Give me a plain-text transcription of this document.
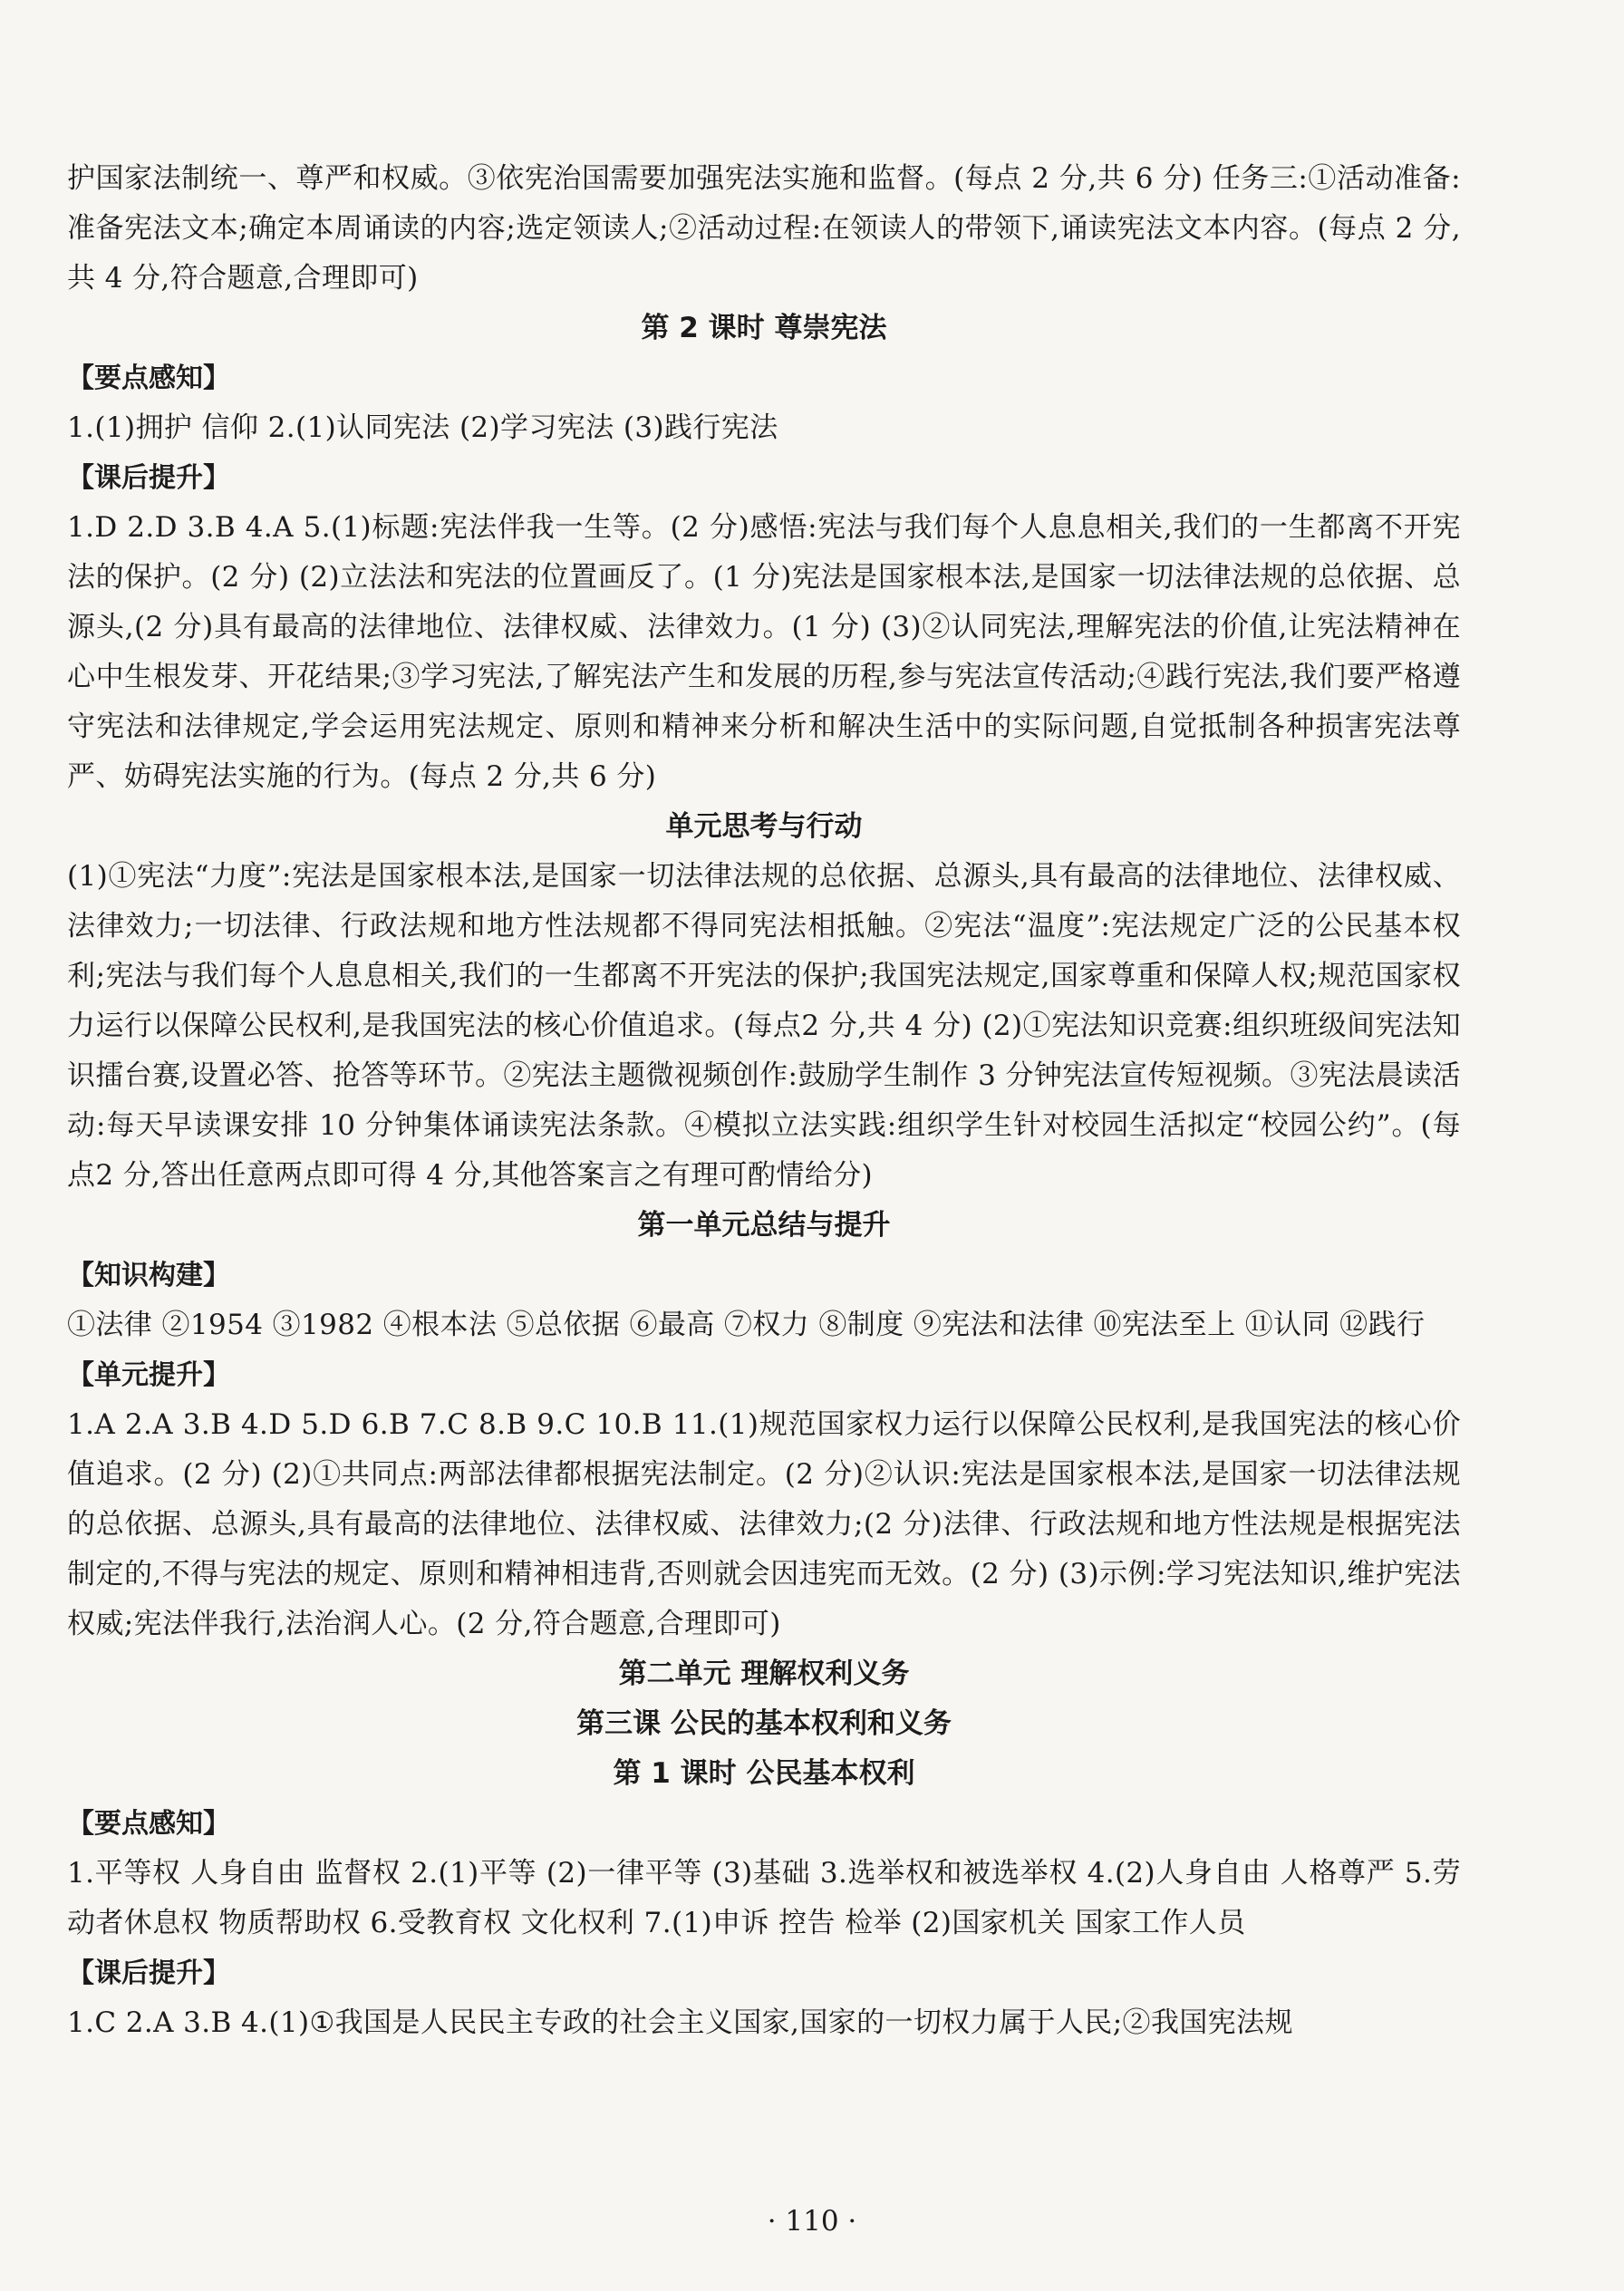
护国家法制统一、尊严和权威。③依宪治国需要加强宪法实施和监督。(每点 2 分,共 6 分) 任务三:①活动准备:准备宪法文本;确定本周诵读的内容;选定领读人;②活动过程:在领读人的带领下,诵读宪法文本内容。(每点 2 分,共 4 分,符合题意,合理即可)

第 2 课时 尊崇宪法

【要点感知】

1.(1)拥护 信仰 2.(1)认同宪法 (2)学习宪法 (3)践行宪法

【课后提升】

1.D 2.D 3.B 4.A 5.(1)标题:宪法伴我一生等。(2 分)感悟:宪法与我们每个人息息相关,我们的一生都离不开宪法的保护。(2 分) (2)立法法和宪法的位置画反了。(1 分)宪法是国家根本法,是国家一切法律法规的总依据、总源头,(2 分)具有最高的法律地位、法律权威、法律效力。(1 分) (3)②认同宪法,理解宪法的价值,让宪法精神在心中生根发芽、开花结果;③学习宪法,了解宪法产生和发展的历程,参与宪法宣传活动;④践行宪法,我们要严格遵守宪法和法律规定,学会运用宪法规定、原则和精神来分析和解决生活中的实际问题,自觉抵制各种损害宪法尊严、妨碍宪法实施的行为。(每点 2 分,共 6 分)

单元思考与行动

(1)①宪法“力度”:宪法是国家根本法,是国家一切法律法规的总依据、总源头,具有最高的法律地位、法律权威、法律效力;一切法律、行政法规和地方性法规都不得同宪法相抵触。②宪法“温度”:宪法规定广泛的公民基本权利;宪法与我们每个人息息相关,我们的一生都离不开宪法的保护;我国宪法规定,国家尊重和保障人权;规范国家权力运行以保障公民权利,是我国宪法的核心价值追求。(每点2 分,共 4 分) (2)①宪法知识竞赛:组织班级间宪法知识擂台赛,设置必答、抢答等环节。②宪法主题微视频创作:鼓励学生制作 3 分钟宪法宣传短视频。③宪法晨读活动:每天早读课安排 10 分钟集体诵读宪法条款。④模拟立法实践:组织学生针对校园生活拟定“校园公约”。(每点2 分,答出任意两点即可得 4 分,其他答案言之有理可酌情给分)

第一单元总结与提升

【知识构建】

①法律 ②1954 ③1982 ④根本法 ⑤总依据 ⑥最高 ⑦权力 ⑧制度 ⑨宪法和法律 ⑩宪法至上 ⑪认同 ⑫践行

【单元提升】

1.A 2.A 3.B 4.D 5.D 6.B 7.C 8.B 9.C 10.B 11.(1)规范国家权力运行以保障公民权利,是我国宪法的核心价值追求。(2 分) (2)①共同点:两部法律都根据宪法制定。(2 分)②认识:宪法是国家根本法,是国家一切法律法规的总依据、总源头,具有最高的法律地位、法律权威、法律效力;(2 分)法律、行政法规和地方性法规是根据宪法制定的,不得与宪法的规定、原则和精神相违背,否则就会因违宪而无效。(2 分) (3)示例:学习宪法知识,维护宪法权威;宪法伴我行,法治润人心。(2 分,符合题意,合理即可)

第二单元 理解权利义务

第三课 公民的基本权利和义务

第 1 课时 公民基本权利

【要点感知】

1.平等权 人身自由 监督权 2.(1)平等 (2)一律平等 (3)基础 3.选举权和被选举权 4.(2)人身自由 人格尊严 5.劳动者休息权 物质帮助权 6.受教育权 文化权利 7.(1)申诉 控告 检举 (2)国家机关 国家工作人员

【课后提升】

1.C 2.A 3.B 4.(1)①我国是人民民主专政的社会主义国家,国家的一切权力属于人民;②我国宪法规

· 110 ·
